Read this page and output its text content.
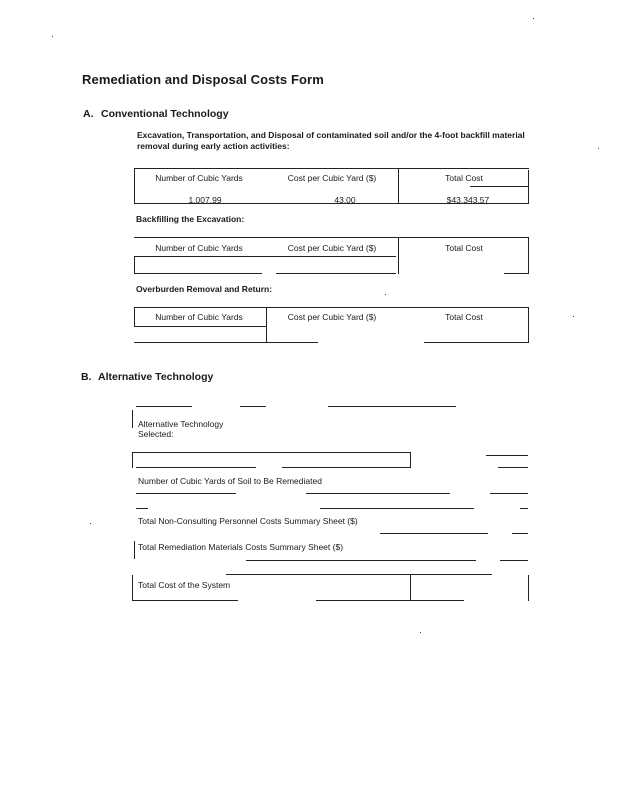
Remediation and Disposal Costs Form
A. Conventional Technology
Excavation, Transportation, and Disposal of contaminated soil and/or the 4-foot backfill material removal during early action activities:
Number of Cubic Yards	Cost per Cubic Yard ($)	Total Cost
1,007.99	43.00	$43,343.57
Backfilling the Excavation:
Number of Cubic Yards	Cost per Cubic Yard ($)	Total Cost
Overburden Removal and Return:
Number of Cubic Yards	Cost per Cubic Yard ($)	Total Cost
B. Alternative Technology
Alternative Technology Selected:
Number of Cubic Yards of Soil to Be Remediated
Total Non-Consulting Personnel Costs Summary Sheet ($)
Total Remediation Materials Costs Summary Sheet ($)
Total Cost of the System
